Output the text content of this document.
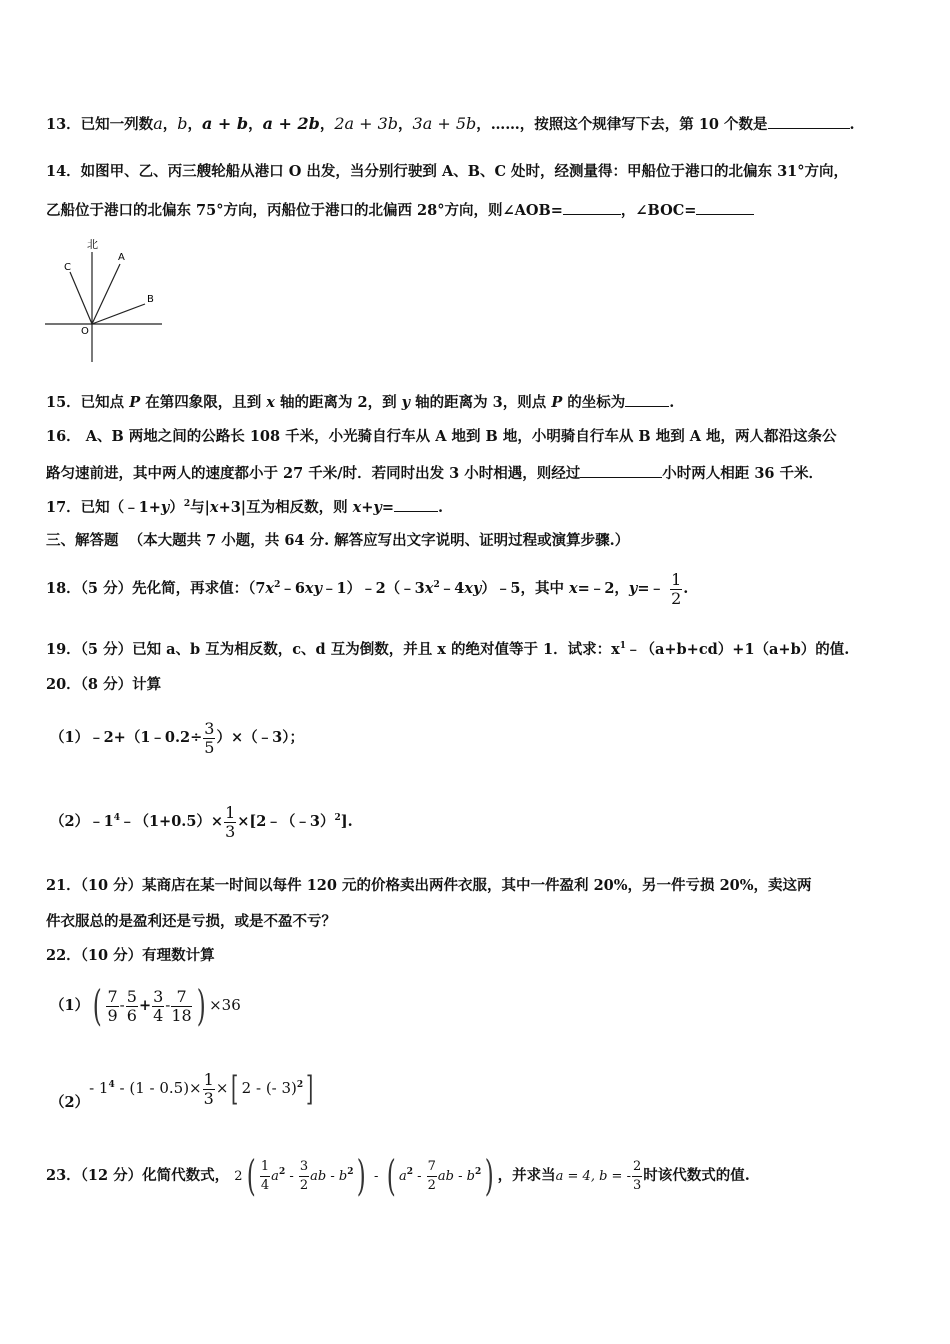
13．已知一列数a，b，a + b，a + 2b，2a + 3b，3a + 5b，……，按照这个规律写下去，第 10 个数是	.
14．如图甲、乙、丙三艘轮船从港口 O 出发，当分别行驶到 A、B、C 处时，经测量得：甲船位于港口的北偏东 31°方向，
乙船位于港口的北偏东 75°方向，丙船位于港口的北偏西 28°方向，则∠AOB=	，∠BOC=
北
A
B
C
O
15．已知点 P 在第四象限，且到 x 轴的距离为 2，到 y 轴的距离为 3，则点 P 的坐标为	.
16． A、B 两地之间的公路长 108 千米，小光骑自行车从 A 地到 B 地，小明骑自行车从 B 地到 A 地，两人都沿这条公
路匀速前进，其中两人的速度都小于 27 千米/时．若同时出发 3 小时相遇，则经过	小时两人相距 36 千米．
17．已知（﹣1+y）$^2$与|x+3|互为相反数，则 x+y=	.
三、解答题 （本大题共 7 小题，共 64 分. 解答应写出文字说明、证明过程或演算步骤.）
18．（5 分）先化简，再求值：$(7x^2﹣6xy﹣1)﹣2(﹣3x^2﹣4xy)﹣5$，其中 x=﹣2，y=﹣ $\frac{1}{2}$ .
19．（5 分）已知 a、b 互为相反数，c、d 互为倒数，并且 x 的绝对值等于 1．试求：$x^1﹣(a+b+cd)+1(a+b)$的值.
20．（8 分）计算
（1）﹣2+（1﹣0.2÷ $\frac{3}{5}$ ）×（﹣3）；
$(2)﹣1^4﹣(1+0.5)\times \frac{1}{3}$ ×[2﹣（﹣3）$^2$].
21．（10 分）某商店在某一时间以每件 120 元的价格卖出两件衣服，其中一件盈利 20%，另一件亏损 20%，卖这两
件衣服总的是盈利还是亏损，或是不盈不亏？
22．（10 分）有理数计算
$(1)( \frac{7}{9} - \frac{5}{6} + \frac{3}{4} - \frac{7}{18}$ ) ×36
（2）- $1^4 - (1 - 0.5)\times \frac{1}{3}$ ×[ 2 - (- 3)$^2$]
23．（12 分）化简代数式， $2( \frac{1}{4} a^2 - \frac{3}{2}$ ab - $b^2$) - ( $a^2 - \frac{7}{2}$ ab - $b^2$) ，并求当a = 4, b = - $\frac{2}{3}$ 时该代数式的值.
